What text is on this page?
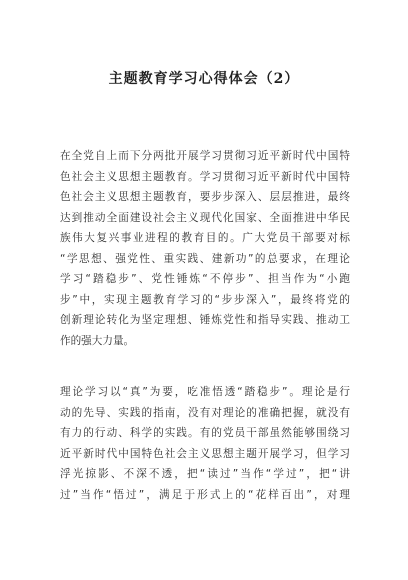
主题教育学习心得体会（2）
在全党自上而下分两批开展学习贯彻习近平新时代中国特
色社会主义思想主题教育。学习贯彻习近平新时代中国特
色社会主义思想主题教育，要步步深入、层层推进，最终
达到推动全面建设社会主义现代化国家、全面推进中华民
族伟大复兴事业进程的教育目的。广大党员干部要对标
“学思想、强党性、重实践、建新功”的总要求，在理论
学习“踏稳步”、党性锤炼“不停步”、担当作为“小跑
步”中，实现主题教育学习的“步步深入”，最终将党的
创新理论转化为坚定理想、锤炼党性和指导实践、推动工
作的强大力量。
理论学习以“真”为要，吃准悟透“踏稳步”。理论是行
动的先导、实践的指南，没有对理论的准确把握，就没有
有力的行动、科学的实践。有的党员干部虽然能够围绕习
近平新时代中国特色社会主义思想主题开展学习，但学习
浮光掠影、不深不透，把“读过”当作“学过”，把“讲
过”当作“悟过”，满足于形式上的“花样百出”，对理
